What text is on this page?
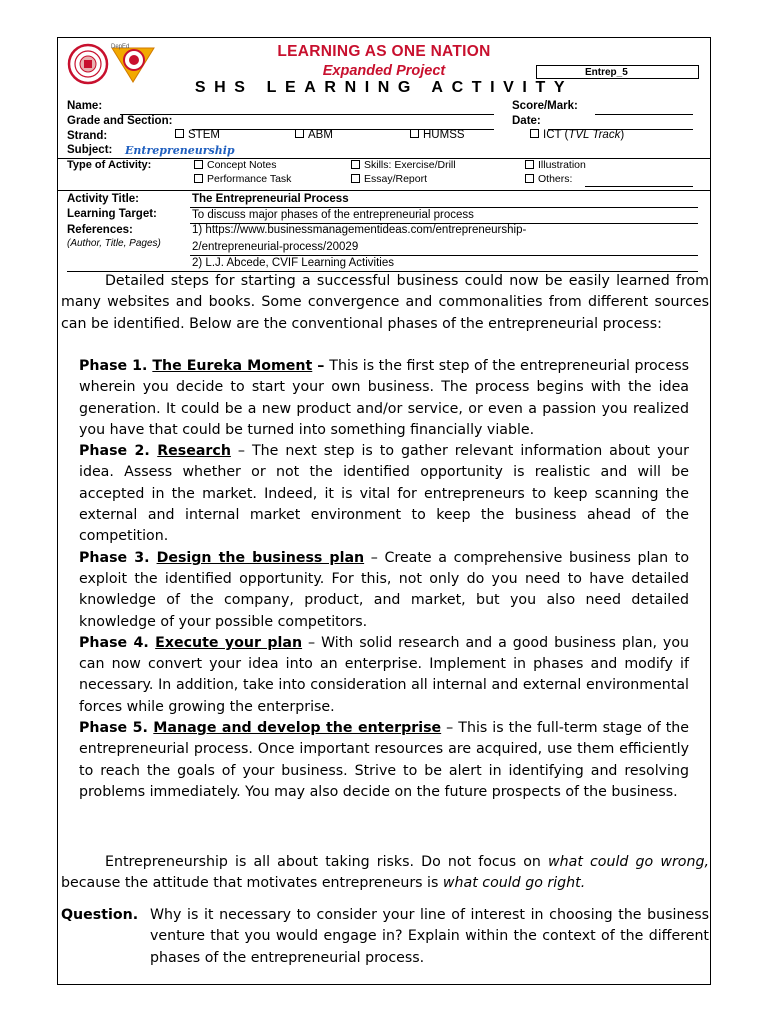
DepEd	LEARNING AS ONE NATION
Expanded Project
SHS LEARNING ACTIVITY
Entrep_5
Name:	Score/Mark:
Grade and Section:	Date:
Strand:	STEM	ABM	HUMSS	ICT (TVL Track)
Subject: Entrepreneurship
Type of Activity:	Concept Notes	Skills: Exercise/Drill	Illustration
Performance Task	Essay/Report	Others:
Activity Title:	The Entrepreneurial Process
Learning Target:	To discuss major phases of the entrepreneurial process
References:
(Author, Title, Pages)
1) https://www.businessmanagementideas.com/entrepreneurship-
2/entrepreneurial-process/20029
2) L.J. Abcede, CVIF Learning Activities
Detailed steps for starting a successful business could now be easily learned from many websites and books. Some convergence and commonalities from different sources can be identified. Below are the conventional phases of the entrepreneurial process:

Phase 1. The Eureka Moment – This is the first step of the entrepreneurial process wherein you decide to start your own business. The process begins with the idea generation. It could be a new product and/or service, or even a passion you realized you have that could be turned into something financially viable.

Phase 2. Research – The next step is to gather relevant information about your idea. Assess whether or not the identified opportunity is realistic and will be accepted in the market. Indeed, it is vital for entrepreneurs to keep scanning the external and internal market environment to keep the business ahead of the competition.

Phase 3. Design the business plan – Create a comprehensive business plan to exploit the identified opportunity. For this, not only do you need to have detailed knowledge of the company, product, and market, but you also need detailed knowledge of your possible competitors.

Phase 4. Execute your plan – With solid research and a good business plan, you can now convert your idea into an enterprise. Implement in phases and modify if necessary. In addition, take into consideration all internal and external environmental forces while growing the enterprise.

Phase 5. Manage and develop the enterprise – This is the full-term stage of the entrepreneurial process. Once important resources are acquired, use them efficiently to reach the goals of your business. Strive to be alert in identifying and resolving problems immediately. You may also decide on the future prospects of the business.

Entrepreneurship is all about taking risks. Do not focus on what could go wrong, because the attitude that motivates entrepreneurs is what could go right.

Question. Why is it necessary to consider your line of interest in choosing the business venture that you would engage in? Explain within the context of the different phases of the entrepreneurial process.
